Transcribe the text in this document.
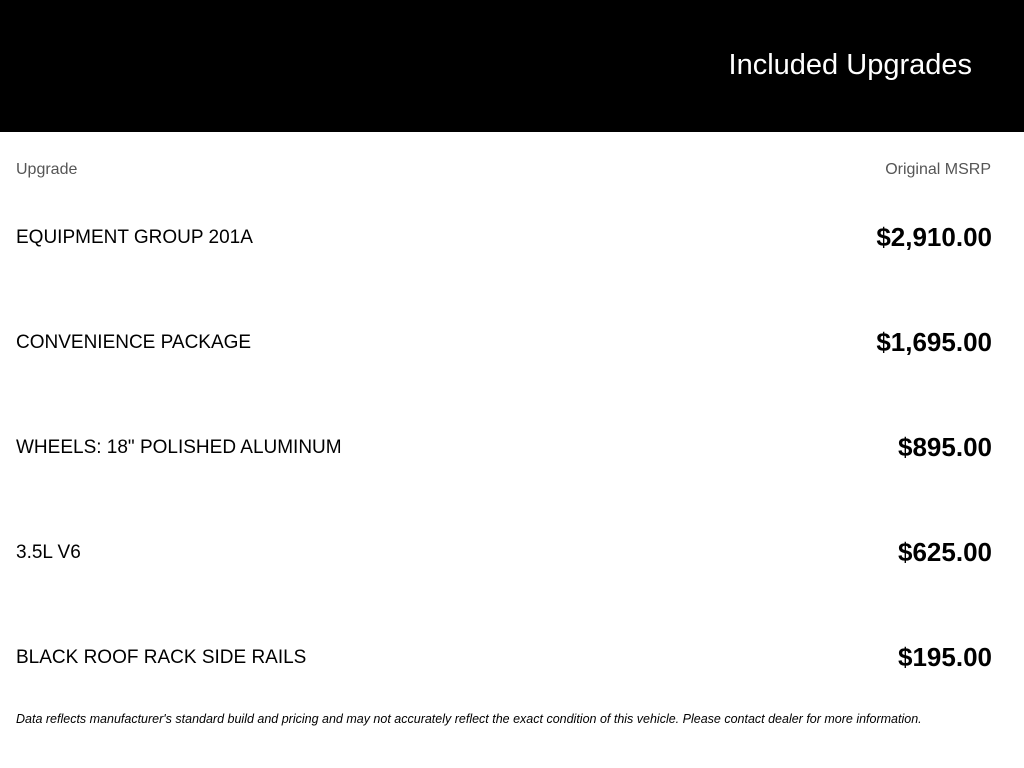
Included Upgrades
Upgrade	Original MSRP
EQUIPMENT GROUP 201A	$2,910.00
CONVENIENCE PACKAGE	$1,695.00
WHEELS: 18" POLISHED ALUMINUM	$895.00
3.5L V6	$625.00
BLACK ROOF RACK SIDE RAILS	$195.00
Data reflects manufacturer's standard build and pricing and may not accurately reflect the exact condition of this vehicle. Please contact dealer for more information.
